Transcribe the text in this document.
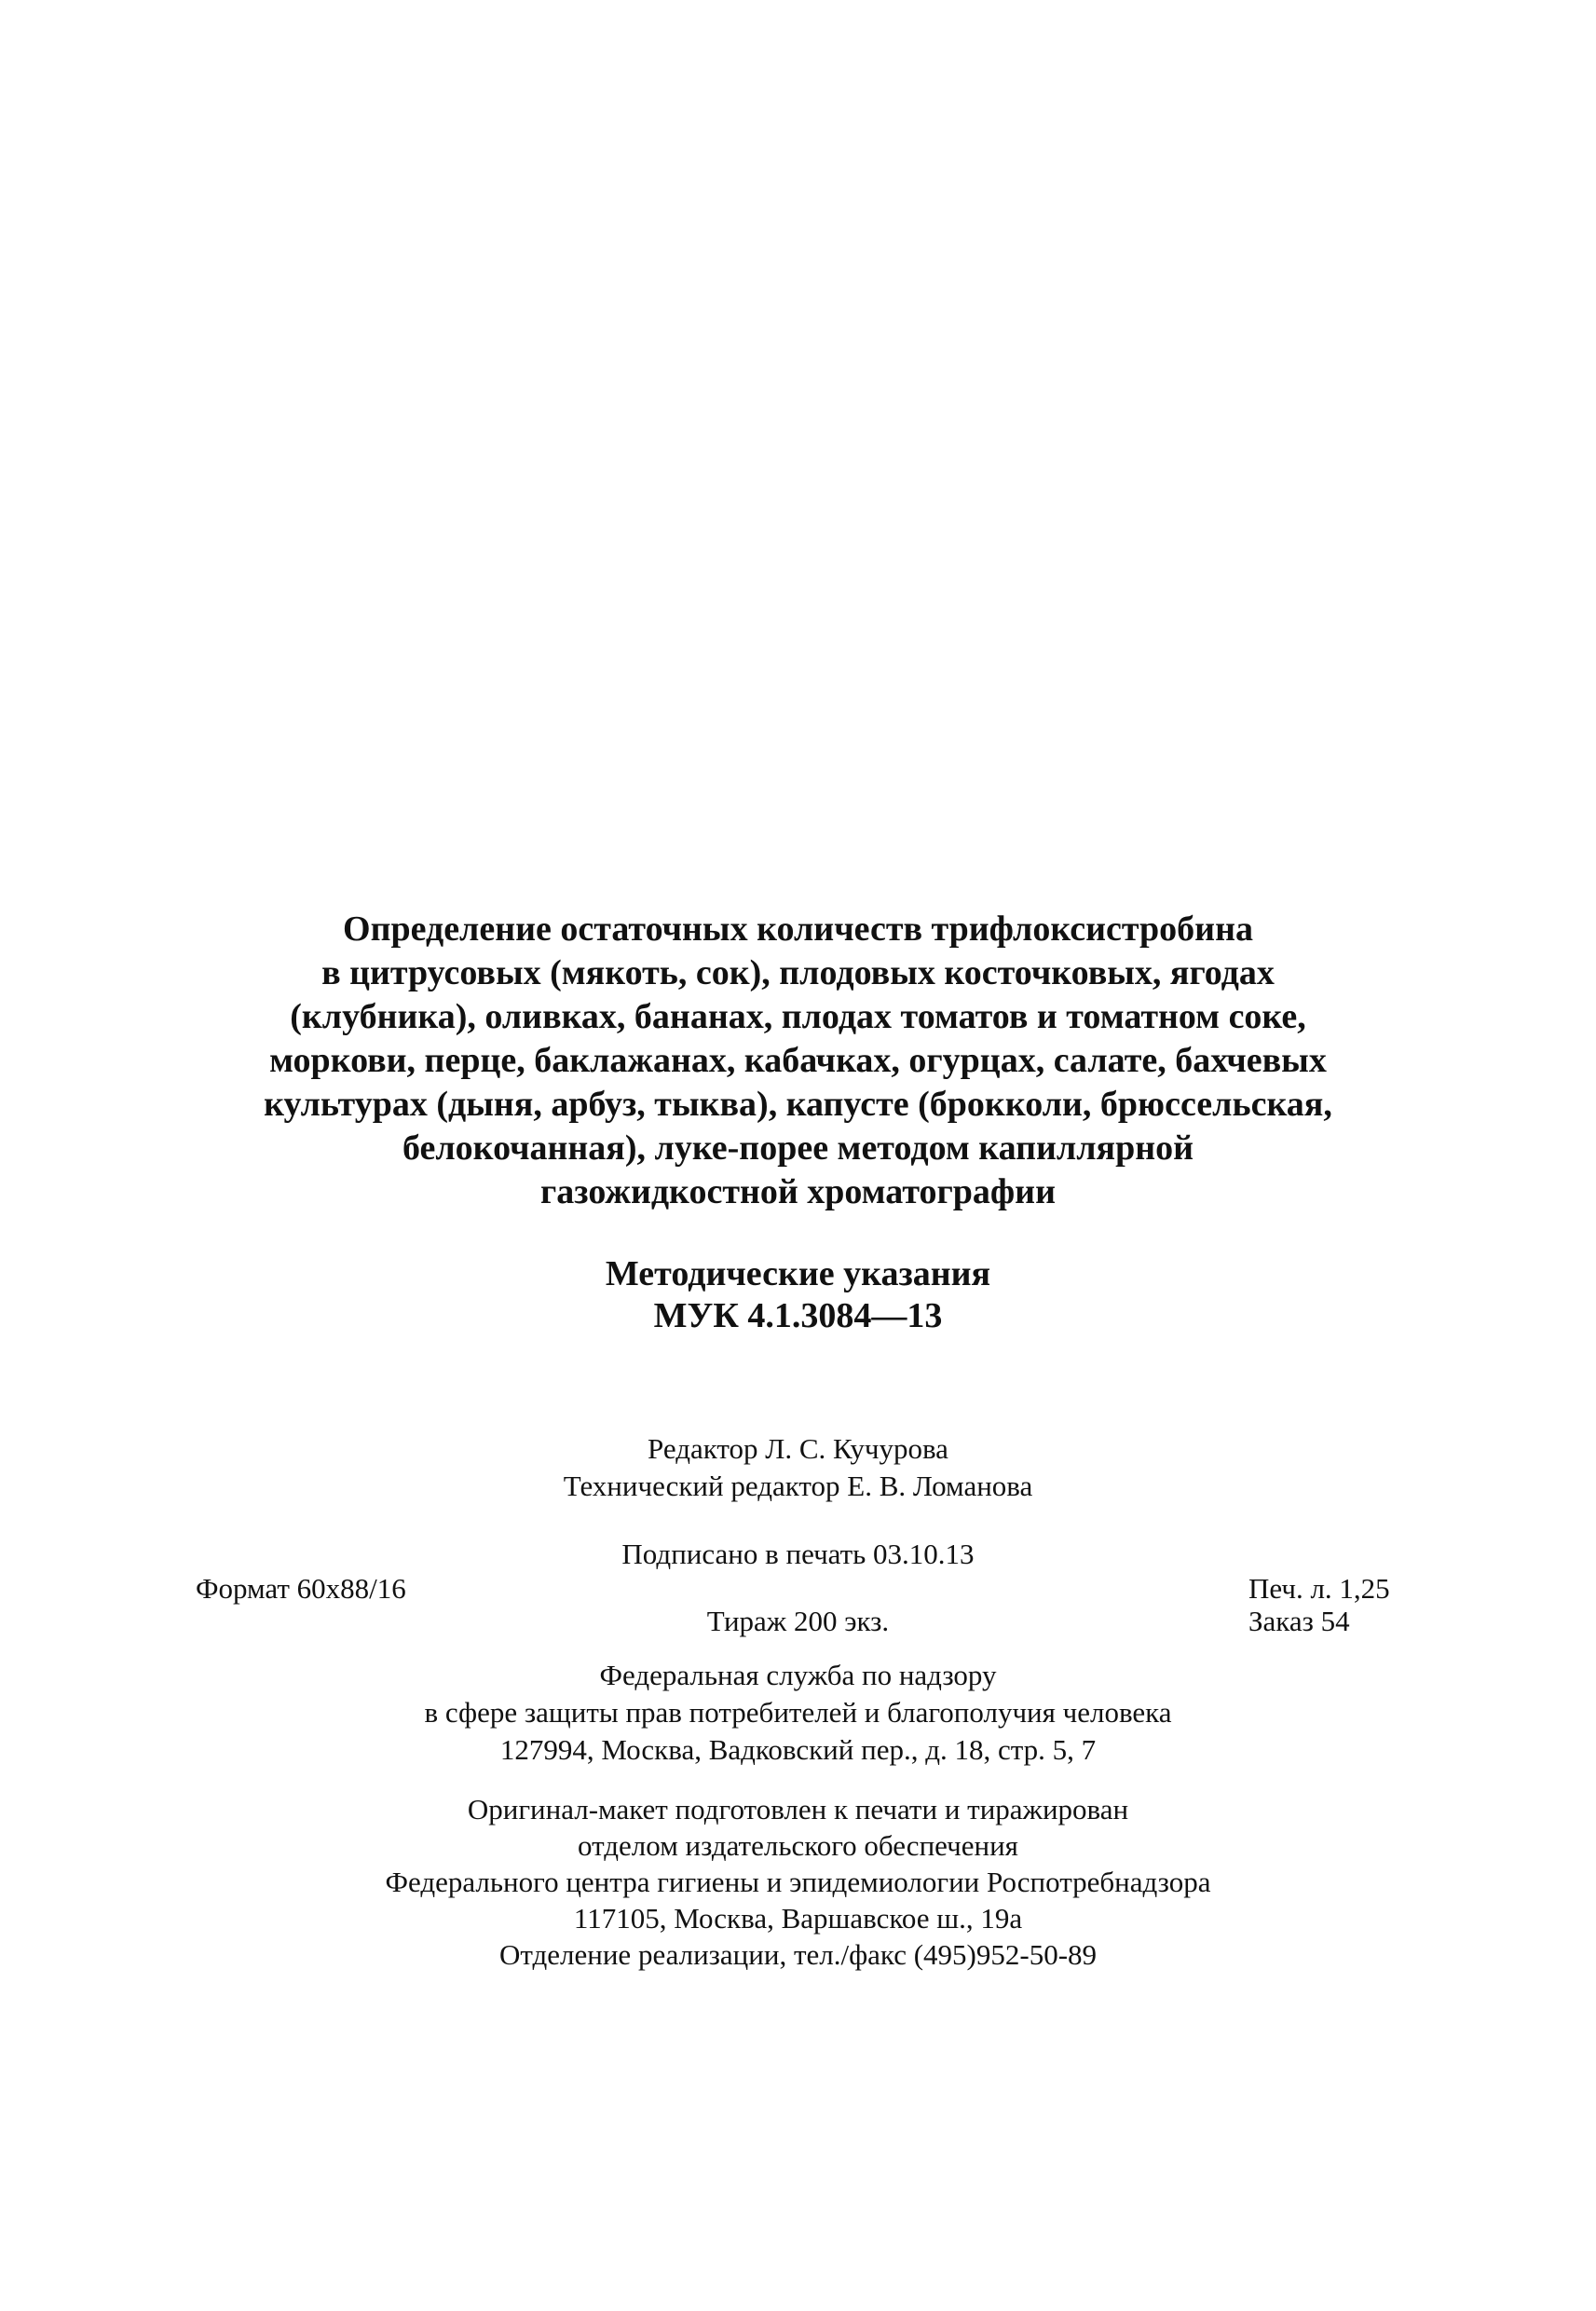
Определение остаточных количеств трифлоксистробина
в цитрусовых (мякоть, сок), плодовых косточковых, ягодах
(клубника), оливках, бананах, плодах томатов и томатном соке,
моркови, перце, баклажанах, кабачках, огурцах, салате, бахчевых
культурах (дыня, арбуз, тыква), капусте (брокколи, брюссельская,
белокочанная), луке-порее методом капиллярной
газожидкостной хроматографии
Методические указания
МУК 4.1.3084—13
Редактор Л. С. Кучурова
Технический редактор Е. В. Ломанова
Подписано в печать 03.10.13
Формат 60x88/16	Печ. л. 1,25
Тираж 200 экз.	Заказ 54
Федеральная служба по надзору
в сфере защиты прав потребителей и благополучия человека
127994, Москва, Вадковский пер., д. 18, стр. 5, 7
Оригинал-макет подготовлен к печати и тиражирован
отделом издательского обеспечения
Федерального центра гигиены и эпидемиологии Роспотребнадзора
117105, Москва, Варшавское ш., 19а
Отделение реализации, тел./факс (495)952-50-89
